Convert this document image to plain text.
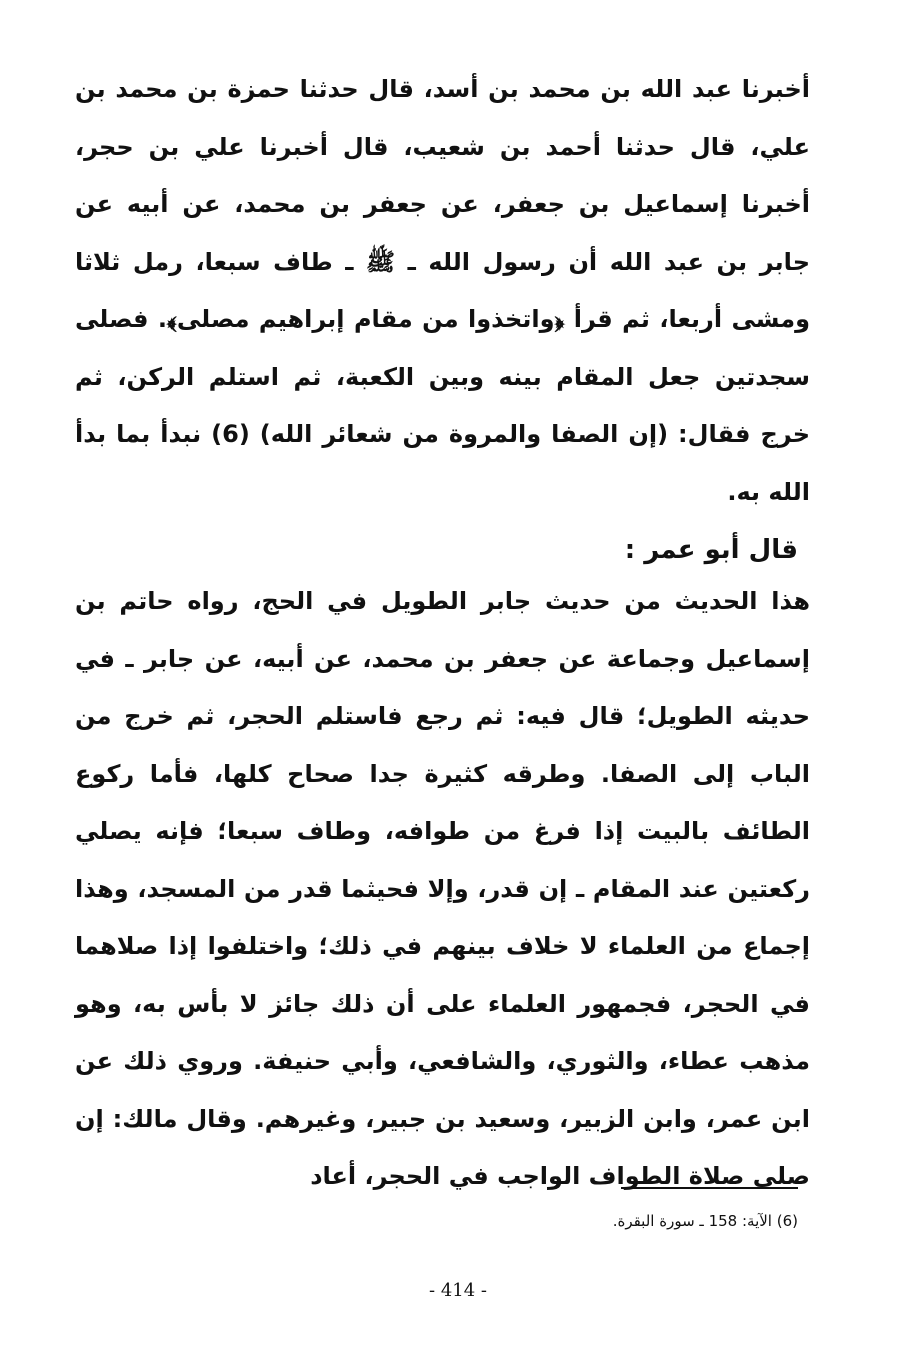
أخبرنا عبد الله بن محمد بن أسد، قال حدثنا حمزة بن محمد بن علي، قال حدثنا أحمد بن شعيب، قال أخبرنا علي بن حجر، أخبرنا إسماعيل بن جعفر، عن جعفر بن محمد، عن أبيه عن جابر بن عبد الله أن رسول الله ـ ﷺ ـ طاف سبعا، رمل ثلاثا ومشى أربعا، ثم قرأ ﴿واتخذوا من مقام إبراهيم مصلى﴾. فصلى سجدتين جعل المقام بينه وبين الكعبة، ثم استلم الركن، ثم خرج فقال: (إن الصفا والمروة من شعائر الله) (6) نبدأ بما بدأ الله به.

قال أبو عمر :

هذا الحديث من حديث جابر الطويل في الحج، رواه حاتم بن إسماعيل وجماعة عن جعفر بن محمد، عن أبيه، عن جابر ـ في حديثه الطويل؛ قال فيه: ثم رجع فاستلم الحجر، ثم خرج من الباب إلى الصفا. وطرقه كثيرة جدا صحاح كلها، فأما ركوع الطائف بالبيت إذا فرغ من طوافه، وطاف سبعا؛ فإنه يصلي ركعتين عند المقام ـ إن قدر، وإلا فحيثما قدر من المسجد، وهذا إجماع من العلماء لا خلاف بينهم في ذلك؛ واختلفوا إذا صلاهما في الحجر، فجمهور العلماء على أن ذلك جائز لا بأس به، وهو مذهب عطاء، والثوري، والشافعي، وأبي حنيفة. وروي ذلك عن ابن عمر، وابن الزبير، وسعيد بن جبير، وغيرهم. وقال مالك: إن صلى صلاة الطواف الواجب في الحجر، أعاد

(6) الآية: 158 ـ سورة البقرة.

- 414 -
